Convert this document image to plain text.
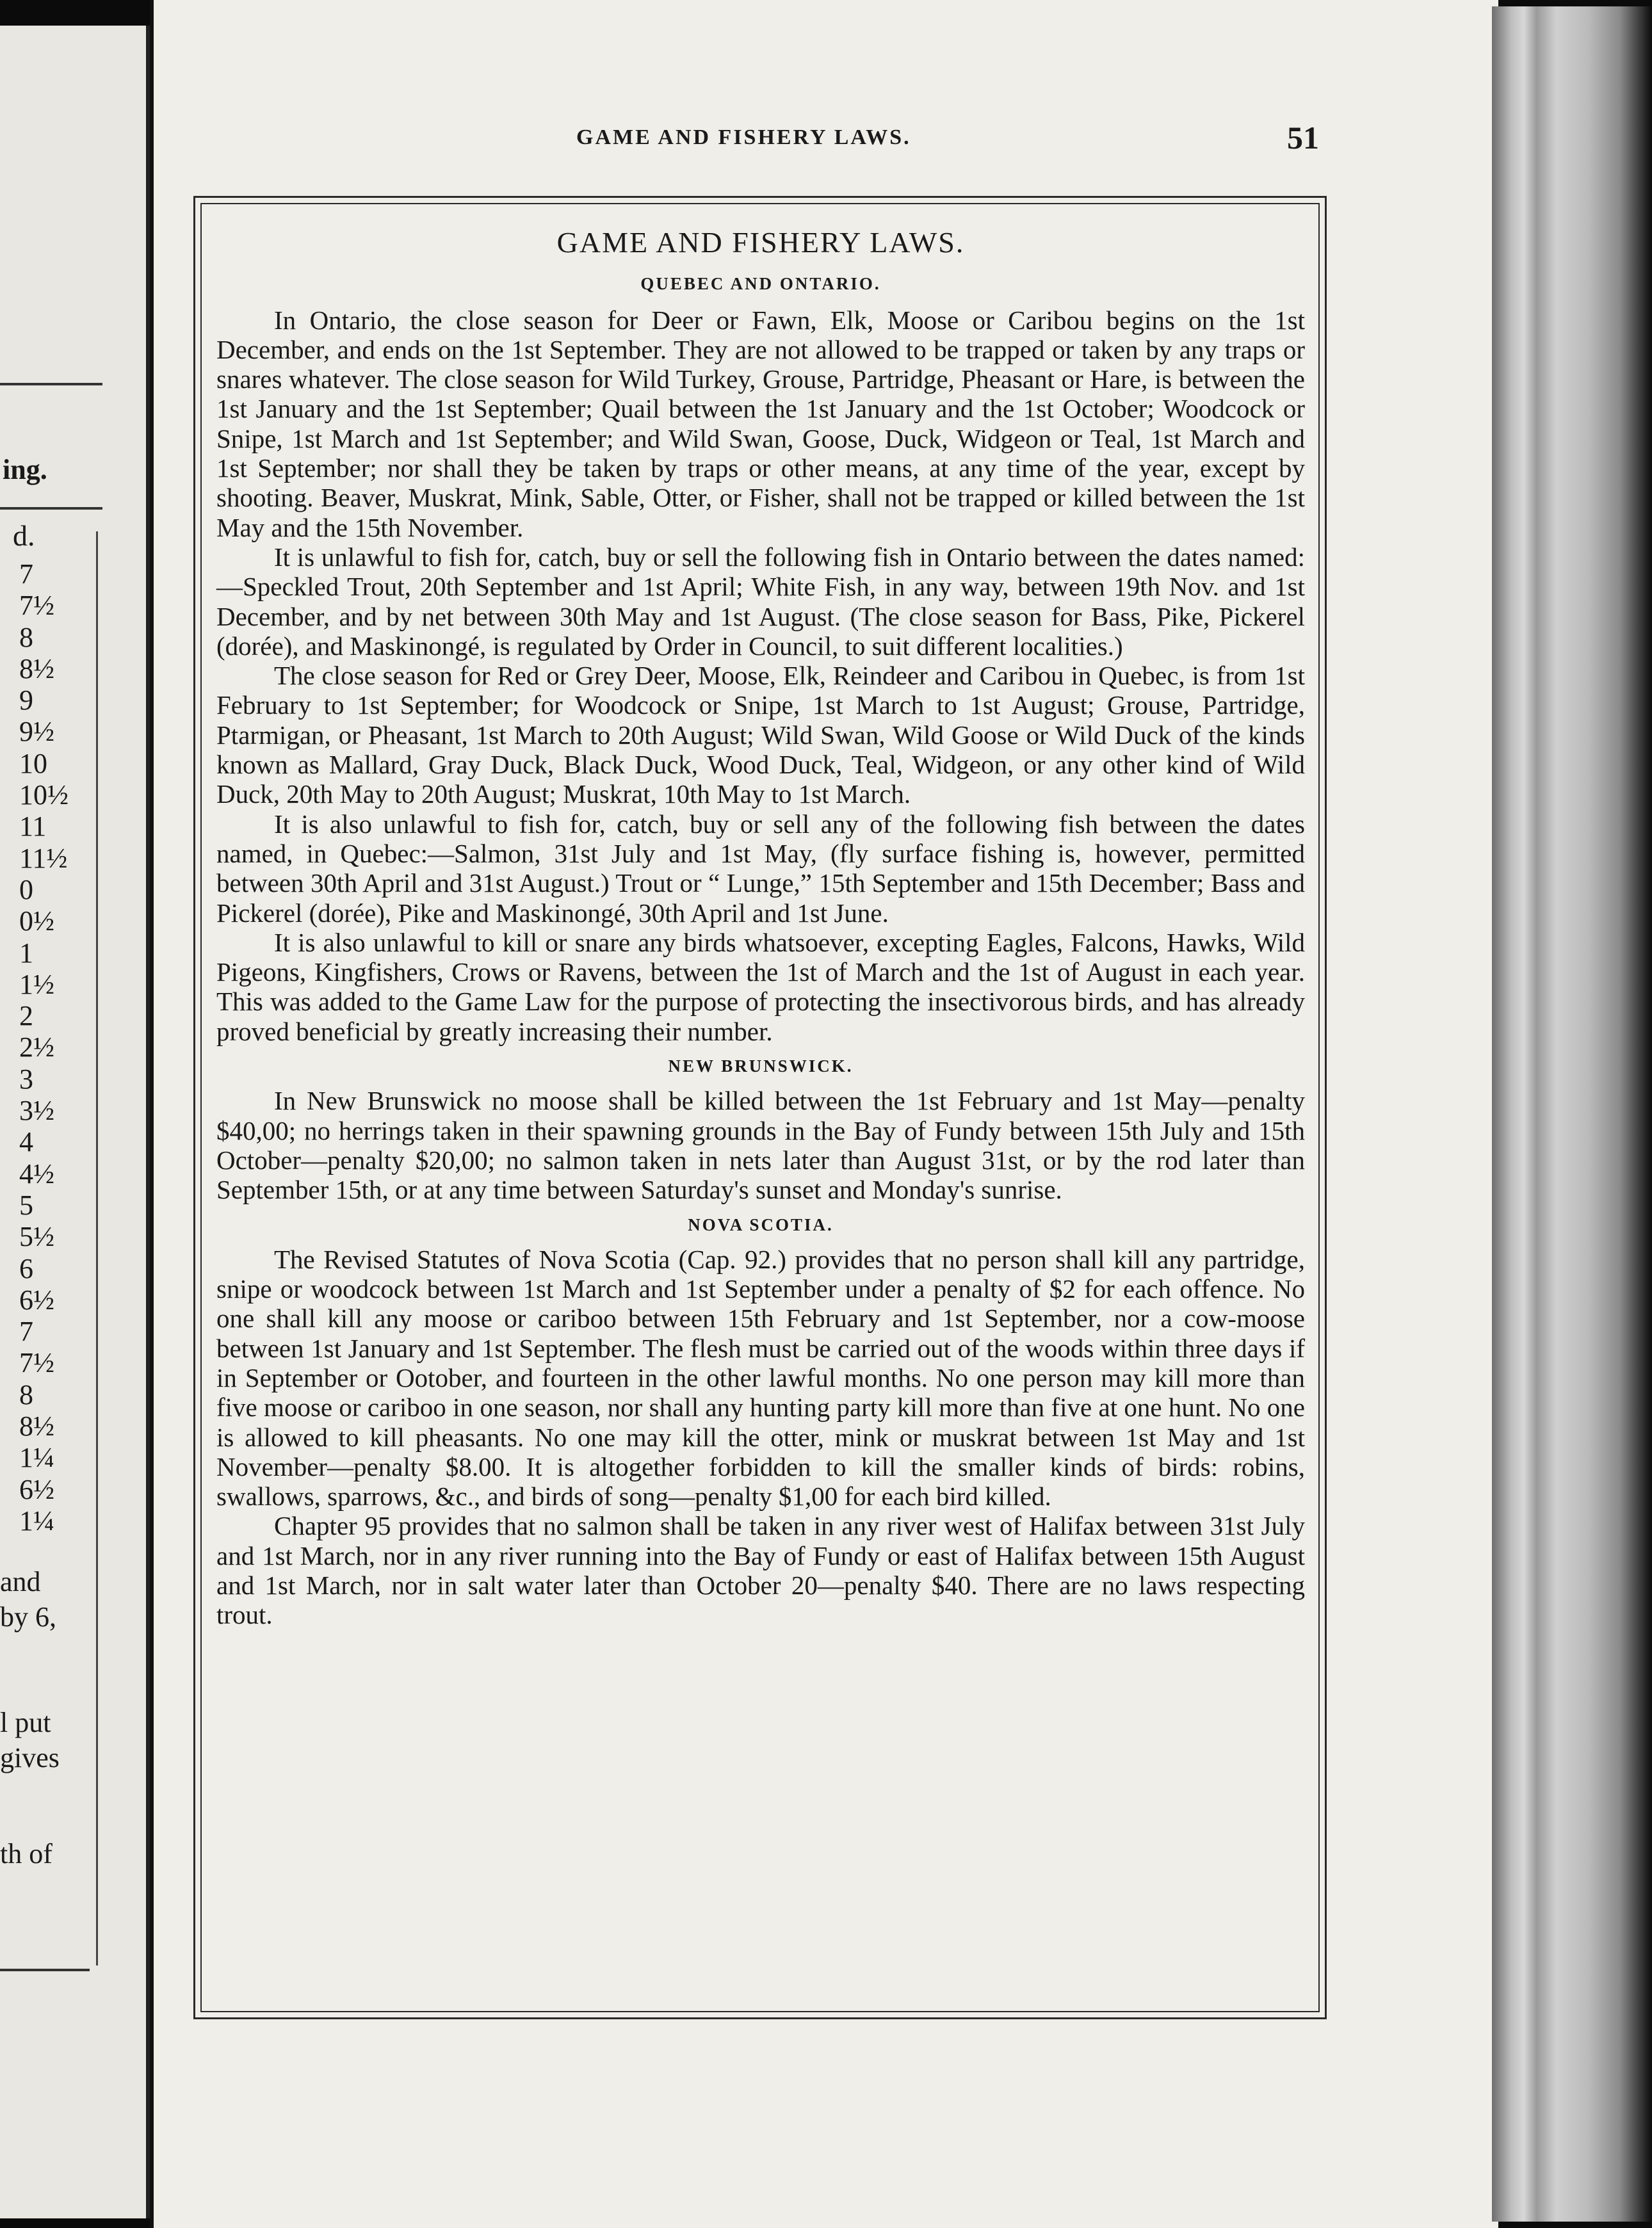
ing.
d.
7
7½
8
8½
9
9½
10
10½
11
11½
0
0½
1
1½
2
2½
3
3½
4
4½
5
5½
6
6½
7
7½
8
8½
1¼
6½
1¼
and
by 6,
l put
gives
th of
GAME AND FISHERY LAWS.	51
GAME AND FISHERY LAWS.
QUEBEC AND ONTARIO.

In Ontario, the close season for Deer or Fawn, Elk, Moose or Caribou begins on the 1st December, and ends on the 1st September. They are not allowed to be trapped or taken by any traps or snares whatever. The close season for Wild Turkey, Grouse, Partridge, Pheasant or Hare, is between the 1st January and the 1st September; Quail between the 1st January and the 1st October; Woodcock or Snipe, 1st March and 1st September; and Wild Swan, Goose, Duck, Widgeon or Teal, 1st March and 1st September; nor shall they be taken by traps or other means, at any time of the year, except by shooting. Beaver, Muskrat, Mink, Sable, Otter, or Fisher, shall not be trapped or killed between the 1st May and the 15th November.

It is unlawful to fish for, catch, buy or sell the following fish in Ontario between the dates named:—Speckled Trout, 20th September and 1st April; White Fish, in any way, between 19th Nov. and 1st December, and by net between 30th May and 1st August. (The close season for Bass, Pike, Pickerel (dorée), and Maskinongé, is regulated by Order in Council, to suit different localities.)

The close season for Red or Grey Deer, Moose, Elk, Reindeer and Caribou in Quebec, is from 1st February to 1st September; for Woodcock or Snipe, 1st March to 1st August; Grouse, Partridge, Ptarmigan, or Pheasant, 1st March to 20th August; Wild Swan, Wild Goose or Wild Duck of the kinds known as Mallard, Gray Duck, Black Duck, Wood Duck, Teal, Widgeon, or any other kind of Wild Duck, 20th May to 20th August; Muskrat, 10th May to 1st March.

It is also unlawful to fish for, catch, buy or sell any of the following fish between the dates named, in Quebec:—Salmon, 31st July and 1st May, (fly surface fishing is, however, permitted between 30th April and 31st August.) Trout or “ Lunge,” 15th September and 15th December; Bass and Pickerel (dorée), Pike and Maskinongé, 30th April and 1st June.

It is also unlawful to kill or snare any birds whatsoever, excepting Eagles, Falcons, Hawks, Wild Pigeons, Kingfishers, Crows or Ravens, between the 1st of March and the 1st of August in each year. This was added to the Game Law for the purpose of protecting the insectivorous birds, and has already proved beneficial by greatly increasing their number.

NEW BRUNSWICK.

In New Brunswick no moose shall be killed between the 1st February and 1st May—penalty $40,00; no herrings taken in their spawning grounds in the Bay of Fundy between 15th July and 15th October—penalty $20,00; no salmon taken in nets later than August 31st, or by the rod later than September 15th, or at any time between Saturday's sunset and Monday's sunrise.

NOVA SCOTIA.

The Revised Statutes of Nova Scotia (Cap. 92.) provides that no person shall kill any partridge, snipe or woodcock between 1st March and 1st September under a penalty of $2 for each offence. No one shall kill any moose or cariboo between 15th February and 1st September, nor a cow-moose between 1st January and 1st September. The flesh must be carried out of the woods within three days if in September or Ootober, and fourteen in the other lawful months. No one person may kill more than five moose or cariboo in one season, nor shall any hunting party kill more than five at one hunt. No one is allowed to kill pheasants. No one may kill the otter, mink or muskrat between 1st May and 1st November—penalty $8.00. It is altogether forbidden to kill the smaller kinds of birds: robins, swallows, sparrows, &c., and birds of song—penalty $1,00 for each bird killed.

Chapter 95 provides that no salmon shall be taken in any river west of Halifax between 31st July and 1st March, nor in any river running into the Bay of Fundy or east of Halifax between 15th August and 1st March, nor in salt water later than October 20—penalty $40. There are no laws respecting trout.
